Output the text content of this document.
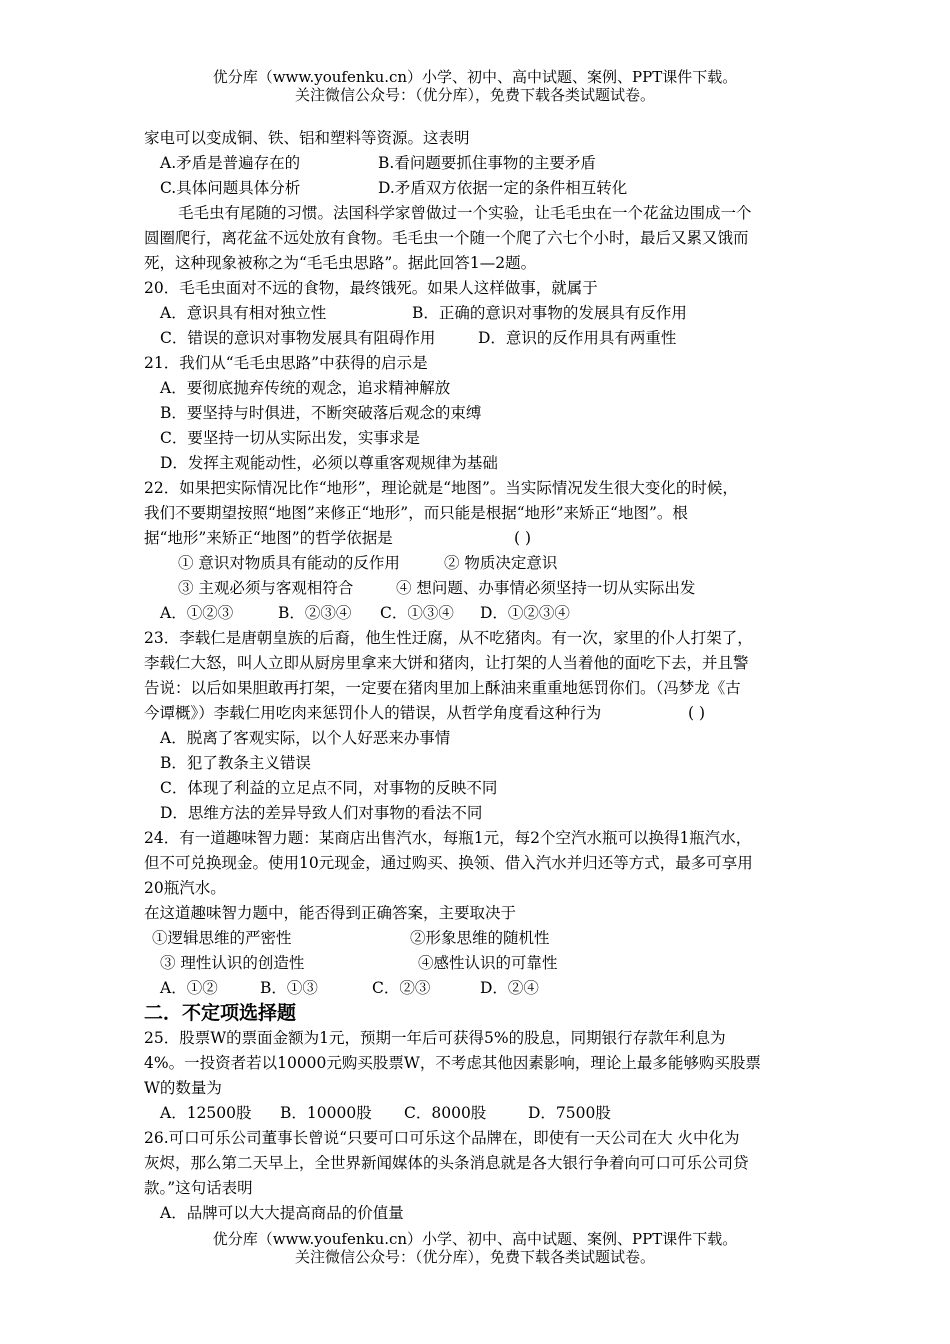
优分库（www.youfenku.cn）小学、初中、高中试题、案例、PPT课件下载。
关注微信公众号：（优分库），免费下载各类试题试卷。
家电可以变成铜、铁、铝和塑料等资源。这表明
A.矛盾是普遍存在的	B.看问题要抓住事物的主要矛盾
C.具体问题具体分析	D.矛盾双方依据一定的条件相互转化
毛毛虫有尾随的习惯。法国科学家曾做过一个实验，让毛毛虫在一个花盆边围成一个
圆圈爬行，离花盆不远处放有食物。毛毛虫一个随一个爬了六七个小时，最后又累又饿而
死，这种现象被称之为“毛毛虫思路”。据此回答1—2题。
20．毛毛虫面对不远的食物，最终饿死。如果人这样做事，就属于
A．意识具有相对独立性	B．正确的意识对事物的发展具有反作用
C．错误的意识对事物发展具有阻碍作用	D．意识的反作用具有两重性
21．我们从“毛毛虫思路”中获得的启示是
A．要彻底抛弃传统的观念，追求精神解放
B．要坚持与时俱进，不断突破落后观念的束缚
C．要坚持一切从实际出发，实事求是
D．发挥主观能动性，必须以尊重客观规律为基础
22．如果把实际情况比作“地形”，理论就是“地图”。当实际情况发生很大变化的时候，
我们不要期望按照“地图”来修正“地形”，而只能是根据“地形”来矫正“地图”。根
据“地形”来矫正“地图”的哲学依据是	( )
① 意识对物质具有能动的反作用	② 物质决定意识
③ 主观必须与客观相符合	④ 想问题、办事情必须坚持一切从实际出发
A．①②③	B．②③④ C．①③④ D．①②③④
23．李载仁是唐朝皇族的后裔，他生性迂腐，从不吃猪肉。有一次，家里的仆人打架了，
李载仁大怒，叫人立即从厨房里拿来大饼和猪肉，让打架的人当着他的面吃下去，并且警
告说：以后如果胆敢再打架，一定要在猪肉里加上酥油来重重地惩罚你们。（冯梦龙《古
今谭概》）李载仁用吃肉来惩罚仆人的错误，从哲学角度看这种行为	( )
A．脱离了客观实际，以个人好恶来办事情
B．犯了教条主义错误
C．体现了利益的立足点不同，对事物的反映不同
D．思维方法的差异导致人们对事物的看法不同
24．有一道趣味智力题：某商店出售汽水，每瓶1元，每2个空汽水瓶可以换得1瓶汽水，
但不可兑换现金。使用10元现金，通过购买、换领、借入汽水并归还等方式，最多可享用
20瓶汽水。
在这道趣味智力题中，能否得到正确答案，主要取决于
①逻辑思维的严密性	②形象思维的随机性
③ 理性认识的创造性	④感性认识的可靠性
A．①②	B．①③	C．②③	D．②④
二．不定项选择题
25．股票W的票面金额为1元，预期一年后可获得5%的股息，同期银行存款年利息为
4%。一投资者若以10000元购买股票W，不考虑其他因素影响，理论上最多能够购买股票
W的数量为
A．12500股 B．10000股 C．8000股	D．7500股
26.可口可乐公司董事长曾说“只要可口可乐这个品牌在，即使有一天公司在大 火中化为
灰烬，那么第二天早上，全世界新闻媒体的头条消息就是各大银行争着向可口可乐公司贷
款。”这句话表明
A．品牌可以大大提高商品的价值量
优分库（www.youfenku.cn）小学、初中、高中试题、案例、PPT课件下载。
关注微信公众号：（优分库），免费下载各类试题试卷。
